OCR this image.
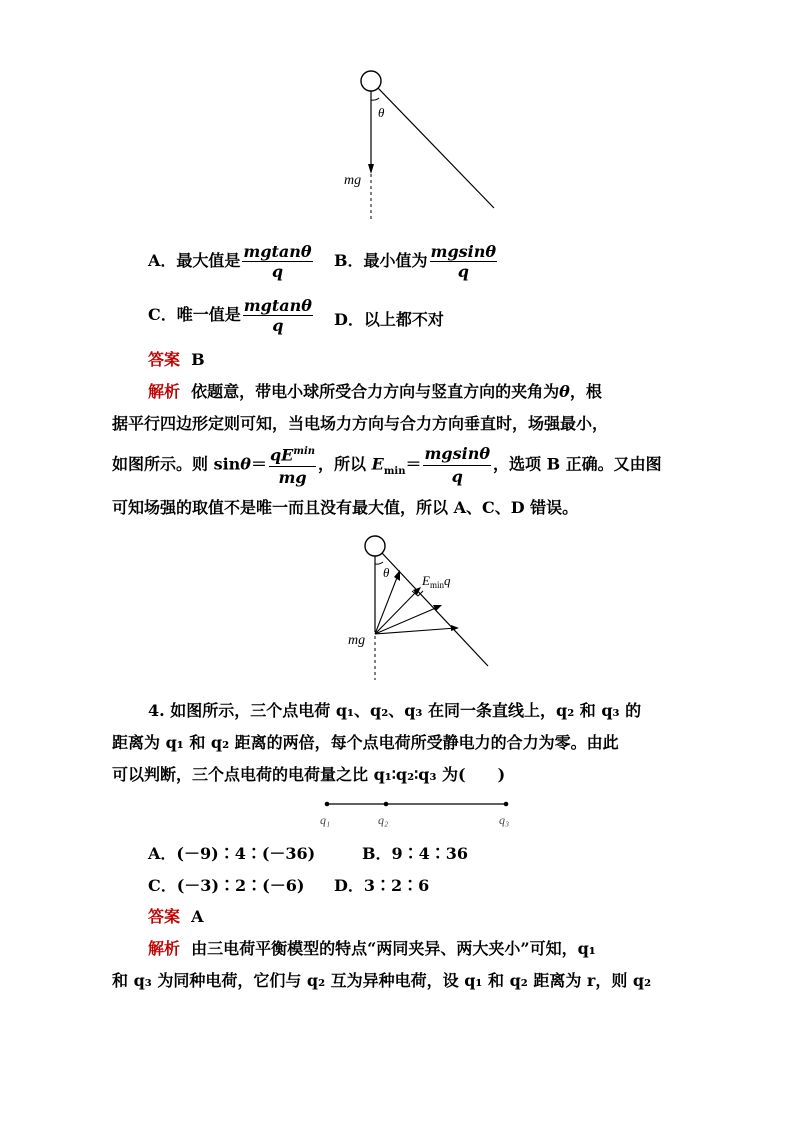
θ
mg
A．最大值是 $\frac{mgtan\theta}{q}$ B．最小值为 $\frac{mgsin\theta}{q}$
C．唯一值是 $\frac{mgtan\theta}{q}$ D．以上都不对
答案 B
解析 依题意，带电小球所受合力方向与竖直方向的夹角为θ，根
据平行四边形定则可知，当电场力方向与合力方向垂直时，场强最小，
如图所示。则 $\sin\theta= \frac{qE^{min}}{mg}$ ，所以 $E_{min}= \frac{mgsin\theta}{q}$ ，选项 B 正确。又由图
可知场强的取值不是唯一而且没有最大值，所以 A、C、D 错误。
θ
$E_{min}q$
mg
4. 如图所示，三个点电荷 q₁、q₂、q₃ 在同一条直线上，q₂ 和 q₃ 的
距离为 q₁ 和 q₂ 距离的两倍，每个点电荷所受静电力的合力为零。由此
可以判断，三个点电荷的电荷量之比 q₁∶q₂∶q₃ 为(　　)
q₁	q₂	q₃
A．(－9)∶4∶(－36)	B．9∶4∶36
C．(－3)∶2∶(－6) D．3∶2∶6
答案 A
解析 由三电荷平衡模型的特点“两同夹异、两大夹小”可知，q₁
和 q₃ 为同种电荷，它们与 q₂ 互为异种电荷，设 q₁ 和 q₂ 距离为 r，则 q₂
